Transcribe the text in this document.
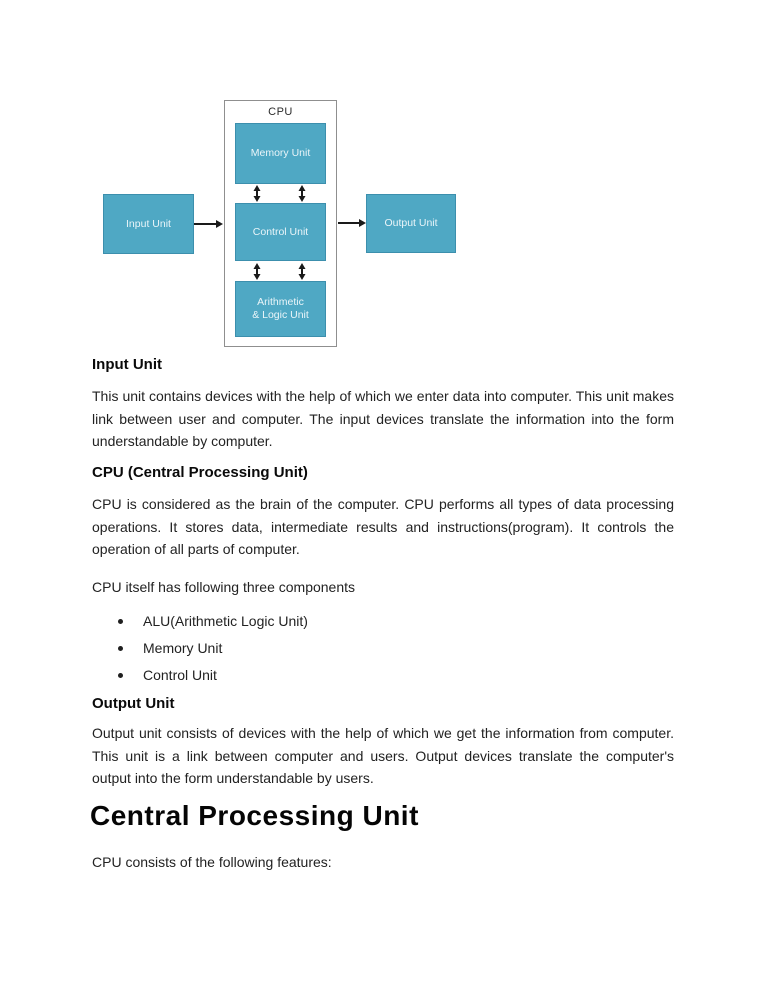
CPU
Memory Unit
Control Unit
Arithmetic
& Logic Unit
Input Unit	Output Unit
Input Unit
This unit contains devices with the help of which we enter data into computer. This unit makes link between user and computer. The input devices translate the information into the form understandable by computer.
CPU (Central Processing Unit)
CPU is considered as the brain of the computer. CPU performs all types of data processing operations. It stores data, intermediate results and instructions(program). It controls the operation of all parts of computer.
CPU itself has following three components
ALU(Arithmetic Logic Unit)
Memory Unit
Control Unit
Output Unit
Output unit consists of devices with the help of which we get the information from computer. This unit is a link between computer and users. Output devices translate the computer's output into the form understandable by users.
Central Processing Unit
CPU consists of the following features:
